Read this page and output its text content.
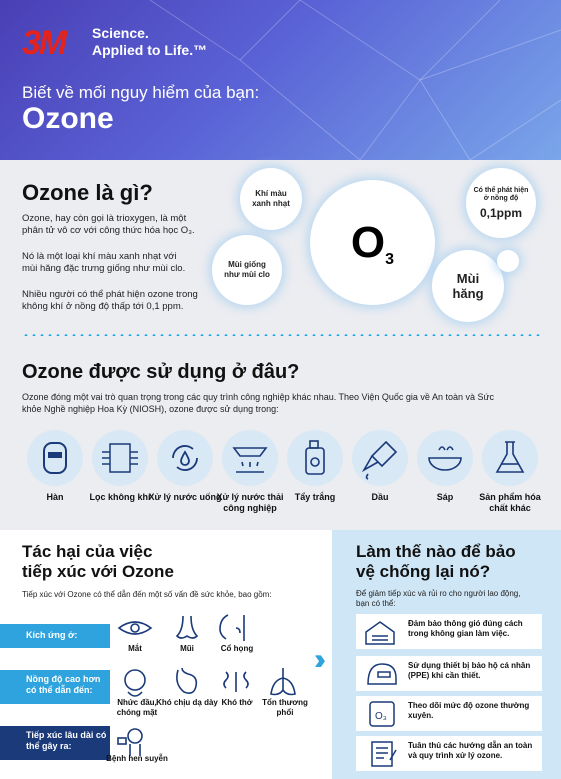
3M Science.
Applied to Life.™
Biết về mối nguy hiểm của bạn:
Ozone
Ozone là gì?
Ozone, hay còn gọi là trioxygen, là một
phân tử vô cơ với công thức hóa học O₃.
Nó là một loại khí màu xanh nhạt với
mùi hăng đặc trưng giống như mùi clo.
Nhiều người có thể phát hiện ozone trong
không khí ở nồng độ thấp tới 0,1 ppm.
Khí màu xanh nhạt
O 3
Mùi giống như mùi clo
Có thể phát hiện ở nồng độ
0,1ppm
Mùi hăng
Ozone được sử dụng ở đâu?
Ozone đóng một vai trò quan trọng trong các quy trình công nghiệp khác nhau. Theo Viện Quốc gia về An toàn và Sức
khỏe Nghề nghiệp Hoa Kỳ (NIOSH), ozone được sử dụng trong:
Hàn	Lọc không khí
Xử lý nước uống
Xử lý nước thải công nghiệp
Tẩy trắng	Dầu	Sáp	Sản phẩm hóa chất khác
Tác hại của việc
tiếp xúc với Ozone
Tiếp xúc với Ozone có thể dẫn đến một số vấn đề sức khỏe, bao gồm:
Kích ứng ở:
Nồng độ cao hơn có thể dẫn đến:
Tiếp xúc lâu dài có thể gây ra:
Mắt	Mũi	Cổ họng
Nhức đầu, chóng mặt
Khó chịu dạ dày Khó thở	Tổn thương phổi
Bệnh hen suyễn
››
Làm thế nào để bảo
vệ chống lại nó?
Để giảm tiếp xúc và rủi ro cho người lao động,
bạn có thể:
Đảm bảo thông gió đúng cách trong không gian làm việc.
Sử dụng thiết bị bảo hộ cá nhân (PPE) khi cần thiết.
O₃
Theo dõi mức độ ozone thường xuyên.
Tuân thủ các hướng dẫn an toàn và quy trình xử lý ozone.
